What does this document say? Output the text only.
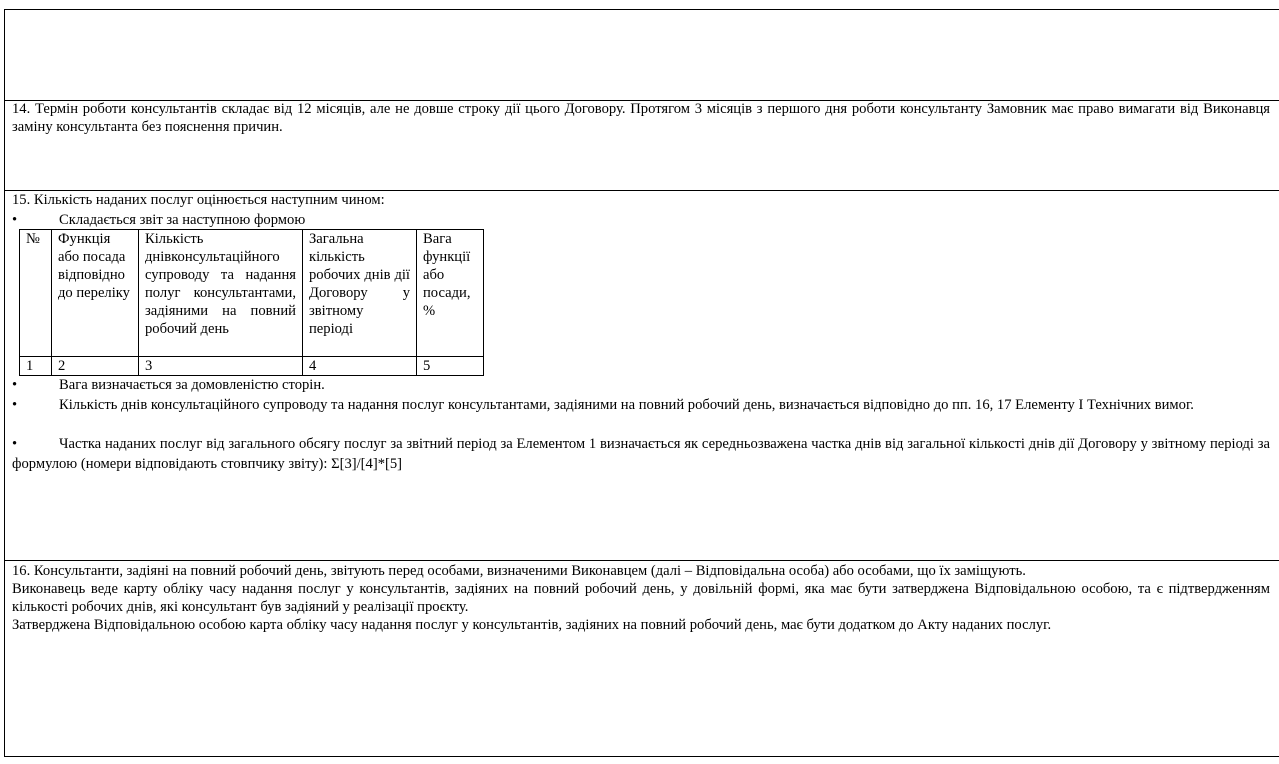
14. Термін роботи консультантів складає від 12 місяців, але не довше строку дії цього Договору. Протягом 3 місяців з першого дня роботи консультанту Замовник має право вимагати від Виконавця заміну консультанта без пояснення причин.
15. Кількість наданих послуг оцінюється наступним чином:
•	Складається звіт за наступною формою
№	Функція або посада відповідно до переліку	Кількість днівконсультаційного супроводу та надання полуг консультантами, задіяними на повний робочий день	Загальна кількість робочих днів дії Договору у звітному періоді	Вага функції або посади, %
1	2	3	4	5
•	Вага визначається за домовленістю сторін.
•	Кількість днів консультаційного супроводу та надання послуг консультантами, задіяними на повний робочий день, визначається відповідно до пп. 16, 17 Елементу І Технічних вимог.
•	Частка наданих послуг від загального обсягу послуг за звітний період за Елементом 1 визначається як середньозважена частка днів від загальної кількості днів дії Договору у звітному періоді за формулою (номери відповідають стовпчику звіту): Σ[3]/[4]*[5]
16. Консультанти, задіяні на повний робочий день, звітують перед особами, визначеними Виконавцем (далі – Відповідальна особа) або особами, що їх заміщують.
Виконавець веде карту обліку часу надання послуг у консультантів, задіяних на повний робочий день, у довільній формі, яка має бути затверджена Відповідальною особою, та є підтвердженням кількості робочих днів, які консультант був задіяний у реалізації проєкту.
Затверджена Відповідальною особою карта обліку часу надання послуг у консультантів, задіяних на повний робочий день, має бути додатком до Акту наданих послуг.
